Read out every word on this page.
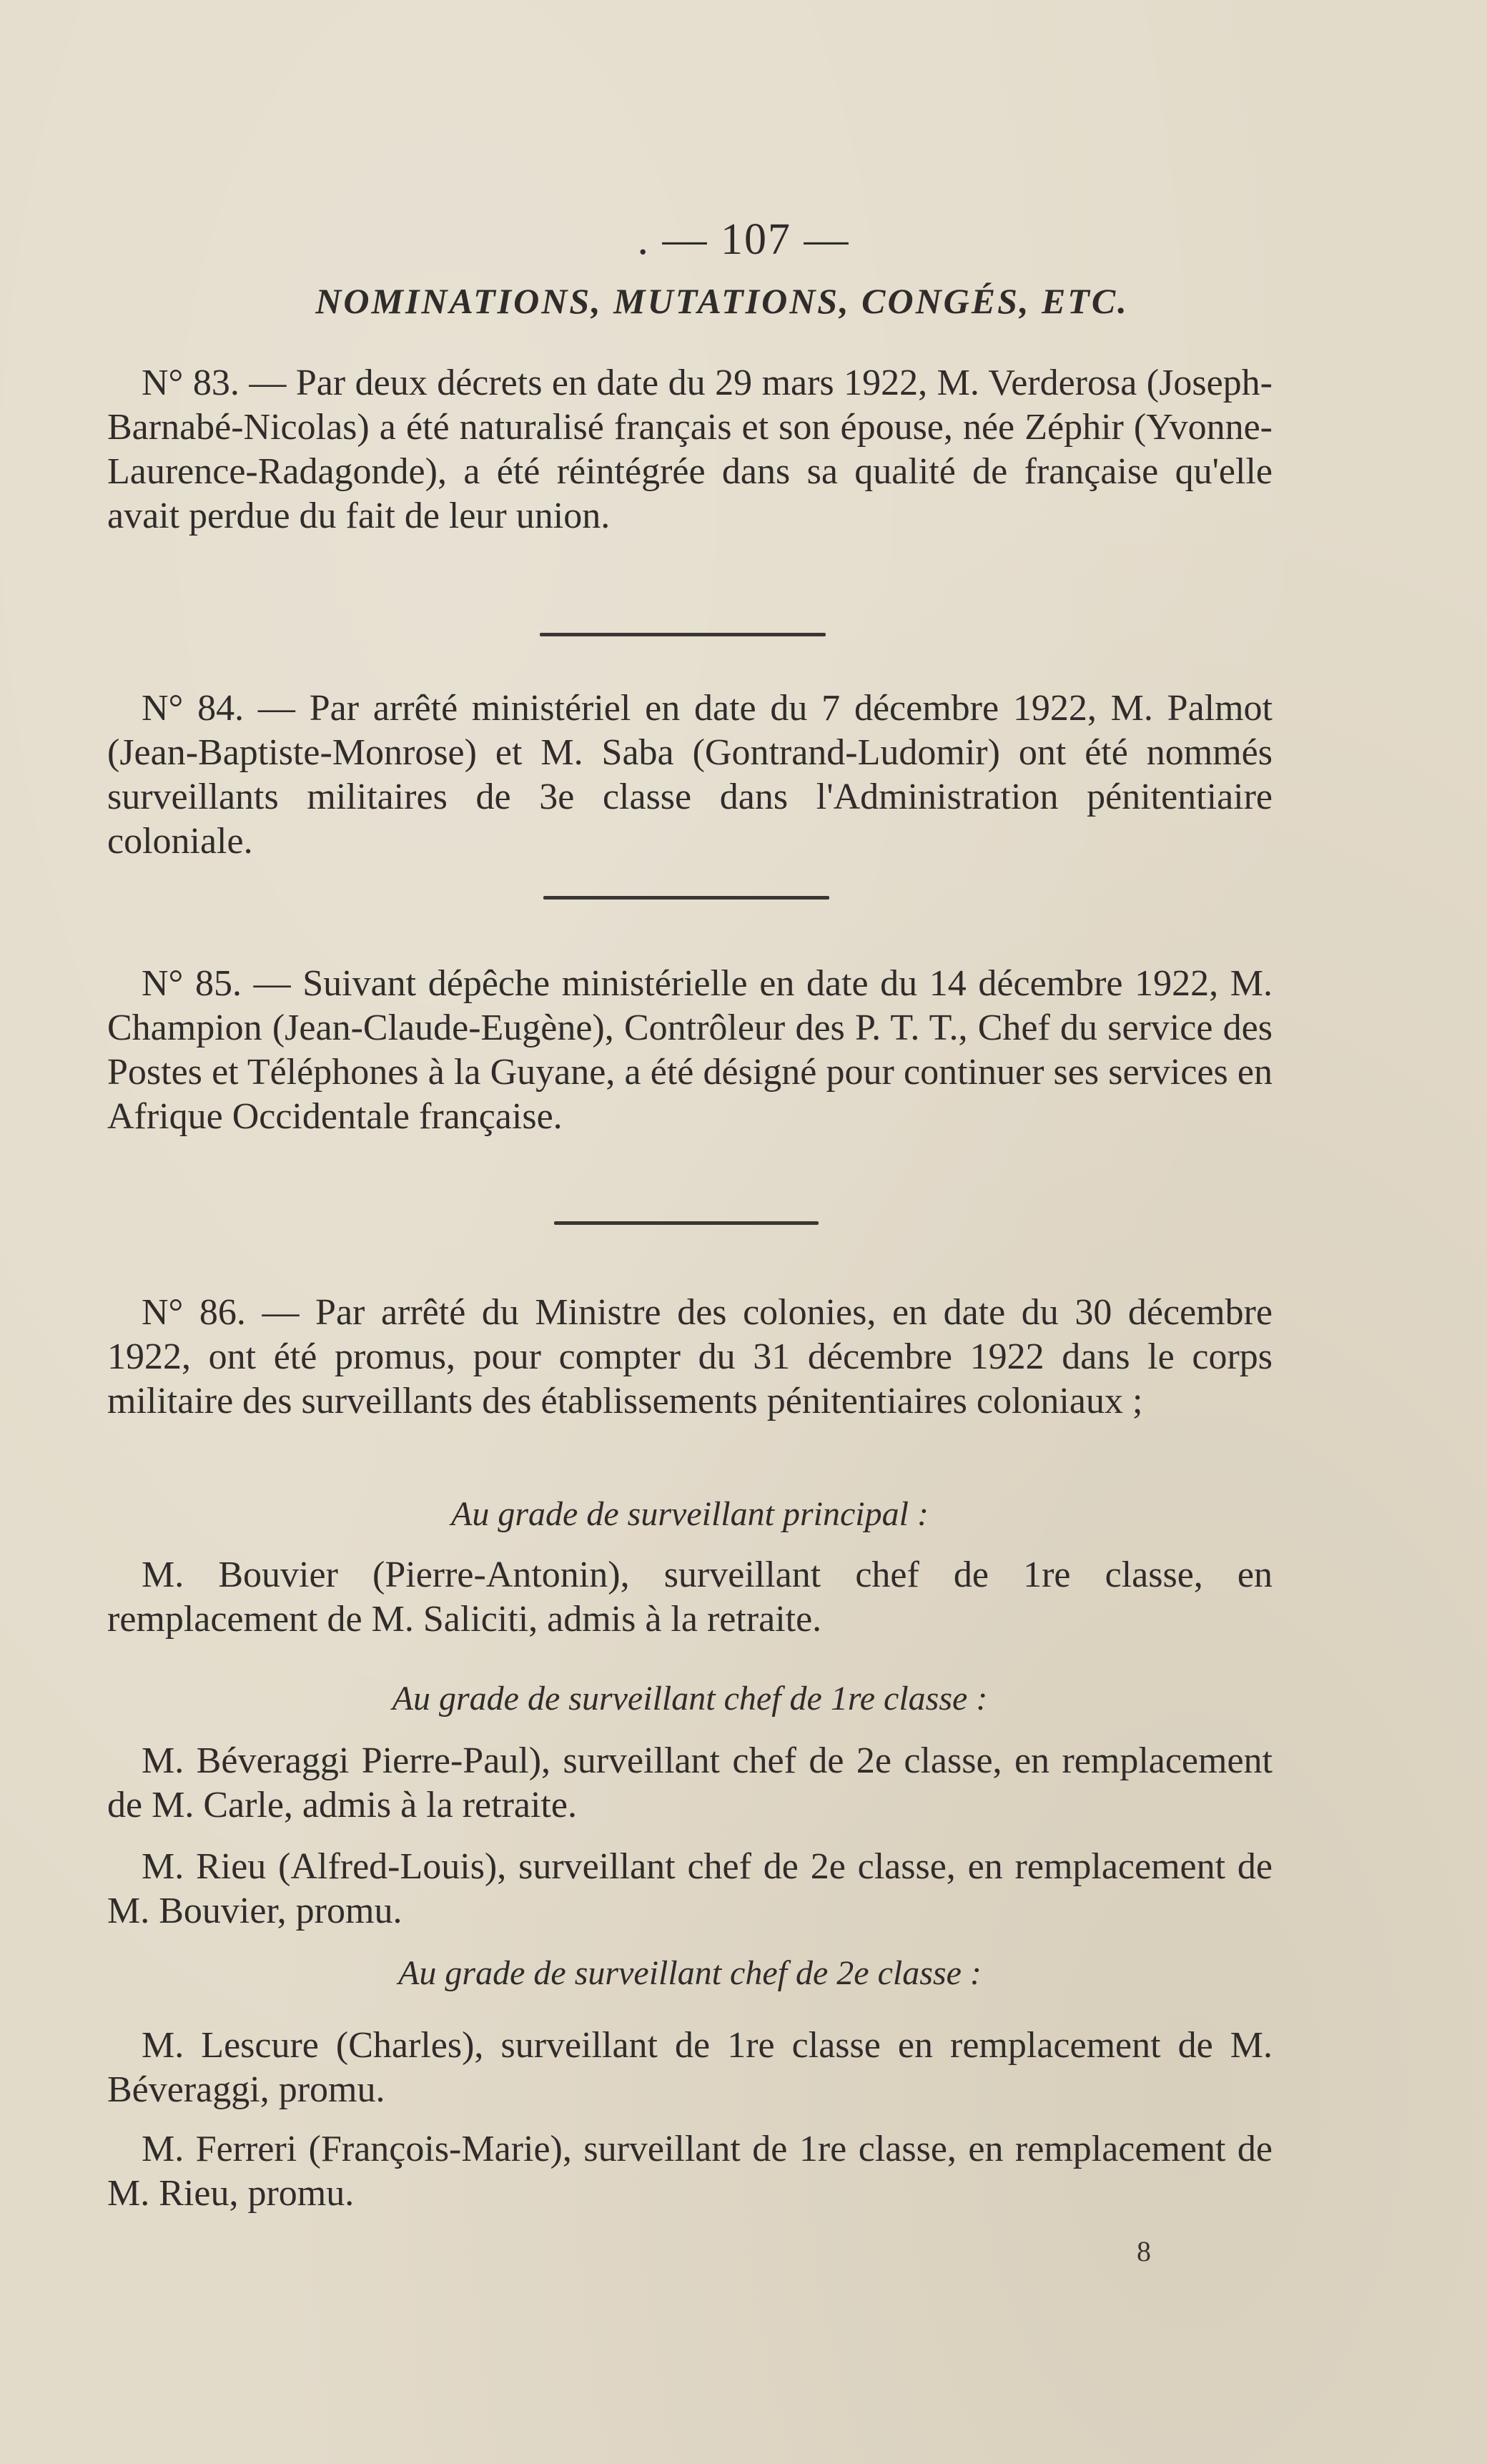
. — 107 —
NOMINATIONS, MUTATIONS, CONGÉS, ETC.

N° 83. — Par deux décrets en date du 29 mars 1922, M. Verderosa (Joseph-Barnabé-Nicolas) a été naturalisé français et son épouse, née Zéphir (Yvonne-Laurence-Radagonde), a été réintégrée dans sa qualité de française qu'elle avait perdue du fait de leur union.

N° 84. — Par arrêté ministériel en date du 7 décembre 1922, M. Palmot (Jean-Baptiste-Monrose) et M. Saba (Gontrand-Ludomir) ont été nommés surveillants militaires de 3e classe dans l'Administration pénitentiaire coloniale.

N° 85. — Suivant dépêche ministérielle en date du 14 décembre 1922, M. Champion (Jean-Claude-Eugène), Contrôleur des P. T. T., Chef du service des Postes et Téléphones à la Guyane, a été désigné pour continuer ses services en Afrique Occidentale française.

N° 86. — Par arrêté du Ministre des colonies, en date du 30 décembre 1922, ont été promus, pour compter du 31 décembre 1922 dans le corps militaire des surveillants des établissements pénitentiaires coloniaux ;

Au grade de surveillant principal :

M. Bouvier (Pierre-Antonin), surveillant chef de 1re classe, en remplacement de M. Saliciti, admis à la retraite.

Au grade de surveillant chef de 1re classe :

M. Béveraggi Pierre-Paul), surveillant chef de 2e classe, en remplacement de M. Carle, admis à la retraite.

M. Rieu (Alfred-Louis), surveillant chef de 2e classe, en remplacement de M. Bouvier, promu.

Au grade de surveillant chef de 2e classe :

M. Lescure (Charles), surveillant de 1re classe en remplacement de M. Béveraggi, promu.

M. Ferreri (François-Marie), surveillant de 1re classe, en remplacement de M. Rieu, promu.

8
